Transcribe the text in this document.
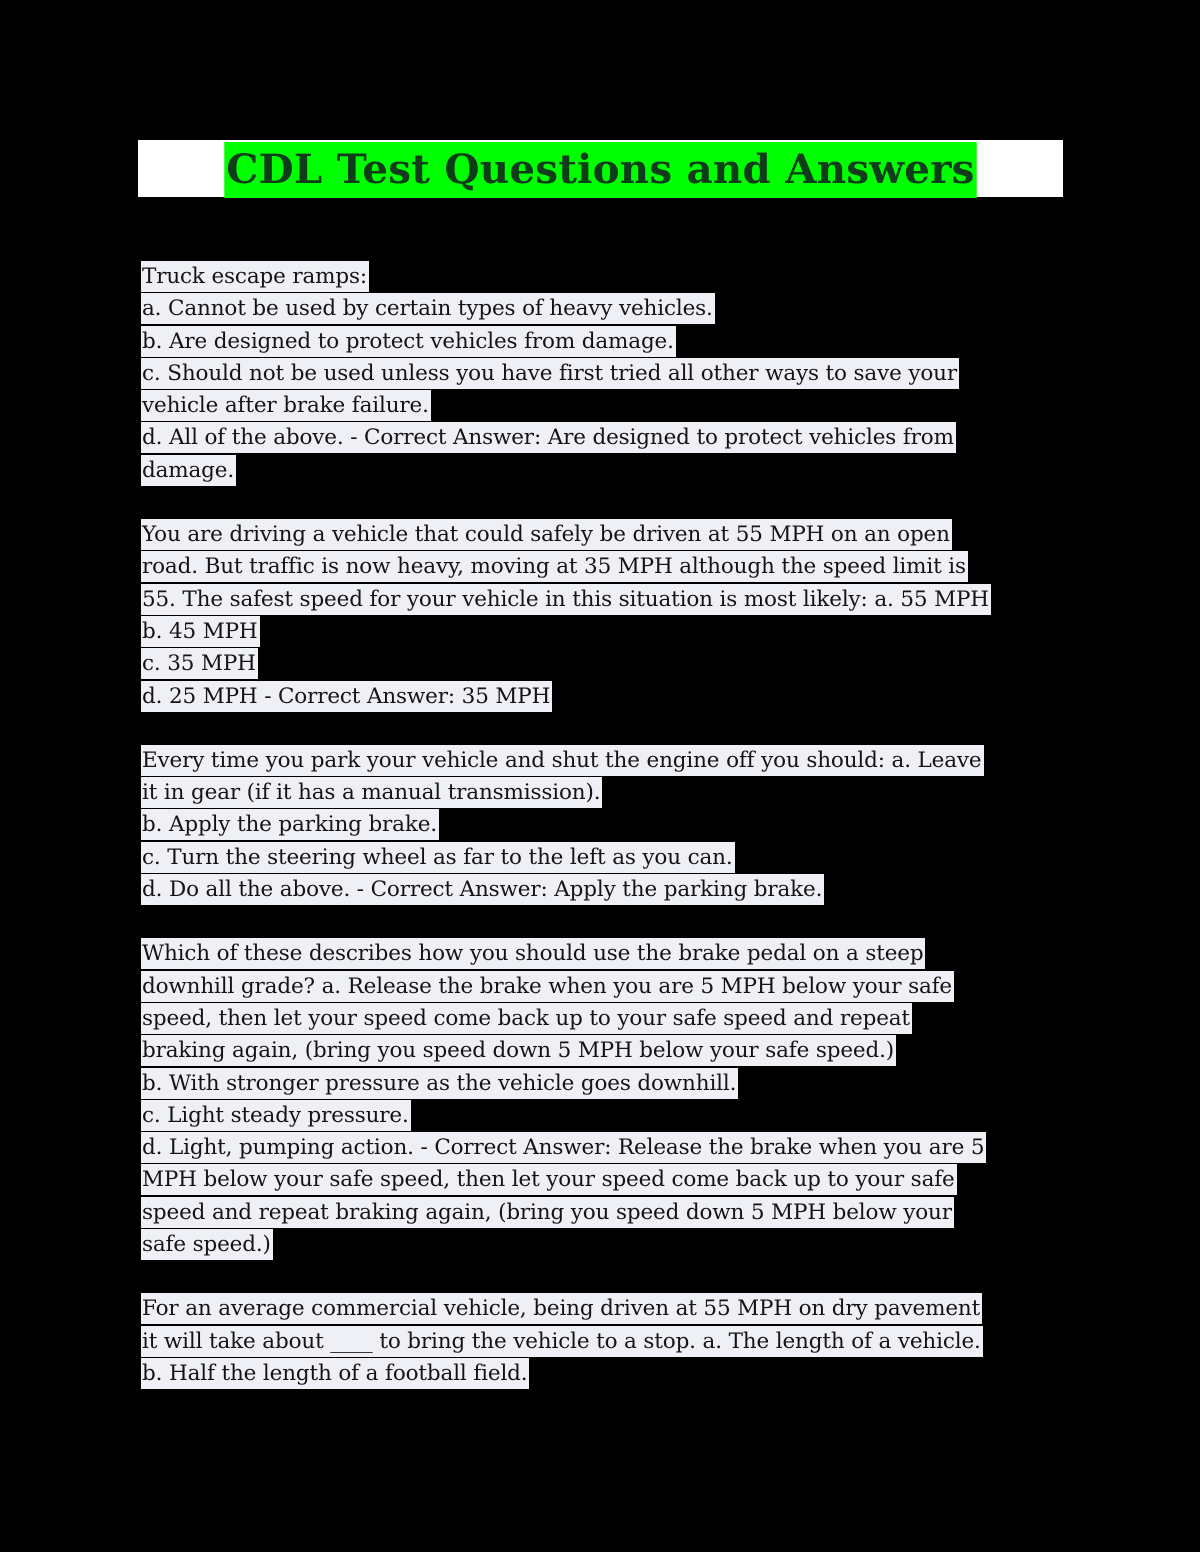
CDL Test Questions and Answers
Truck escape ramps:
a. Cannot be used by certain types of heavy vehicles.
b. Are designed to protect vehicles from damage.
c. Should not be used unless you have first tried all other ways to save your
vehicle after brake failure.
d. All of the above. - Correct Answer: Are designed to protect vehicles from
damage.
You are driving a vehicle that could safely be driven at 55 MPH on an open
road. But traffic is now heavy, moving at 35 MPH although the speed limit is
55. The safest speed for your vehicle in this situation is most likely: a. 55 MPH
b. 45 MPH
c. 35 MPH
d. 25 MPH - Correct Answer: 35 MPH
Every time you park your vehicle and shut the engine off you should: a. Leave
it in gear (if it has a manual transmission).
b. Apply the parking brake.
c. Turn the steering wheel as far to the left as you can.
d. Do all the above. - Correct Answer: Apply the parking brake.
Which of these describes how you should use the brake pedal on a steep
downhill grade? a. Release the brake when you are 5 MPH below your safe
speed, then let your speed come back up to your safe speed and repeat
braking again, (bring you speed down 5 MPH below your safe speed.)
b. With stronger pressure as the vehicle goes downhill.
c. Light steady pressure.
d. Light, pumping action. - Correct Answer: Release the brake when you are 5
MPH below your safe speed, then let your speed come back up to your safe
speed and repeat braking again, (bring you speed down 5 MPH below your
safe speed.)
For an average commercial vehicle, being driven at 55 MPH on dry pavement
it will take about ____ to bring the vehicle to a stop. a. The length of a vehicle.
b. Half the length of a football field.
